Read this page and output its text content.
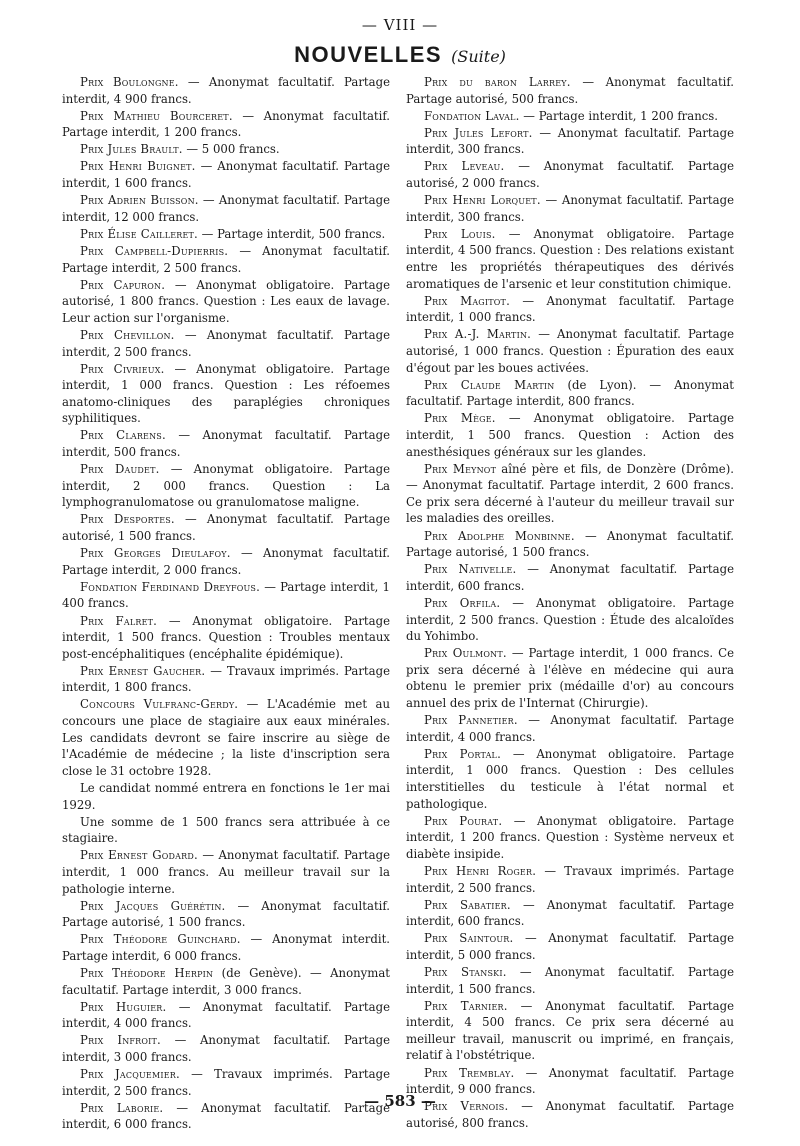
— VIII —
NOUVELLES (Suite)

Prix Boulongne. — Anonymat facultatif. Partage interdit, 4 900 francs.

Prix Mathieu Bourceret. — Anonymat facultatif. Partage interdit, 1 200 francs.

Prix Jules Brault. — 5 000 francs.

Prix Henri Buignet. — Anonymat facultatif. Partage interdit, 1 600 francs.

Prix Adrien Buisson. — Anonymat facultatif. Partage interdit, 12 000 francs.

Prix Élise Cailleret. — Partage interdit, 500 francs.

Prix Campbell-Dupierris. — Anonymat facultatif. Partage interdit, 2 500 francs.

Prix Capuron. — Anonymat obligatoire. Partage autorisé, 1 800 francs. Question : Les eaux de lavage. Leur action sur l'organisme.

Prix Chevillon. — Anonymat facultatif. Partage interdit, 2 500 francs.

Prix Civrieux. — Anonymat obligatoire. Partage interdit, 1 000 francs. Question : Les réfoemes anatomo-cliniques des paraplégies chroniques syphilitiques.

Prix Clarens. — Anonymat facultatif. Partage interdit, 500 francs.

Prix Daudet. — Anonymat obligatoire. Partage interdit, 2 000 francs. Question : La lymphogranulomatose ou granulomatose maligne.

Prix Desportes. — Anonymat facultatif. Partage autorisé, 1 500 francs.

Prix Georges Dieulafoy. — Anonymat facultatif. Partage interdit, 2 000 francs.

Fondation Ferdinand Dreyfous. — Partage interdit, 1 400 francs.

Prix Falret. — Anonymat obligatoire. Partage interdit, 1 500 francs. Question : Troubles mentaux post-encéphalitiques (encéphalite épidémique).

Prix Ernest Gaucher. — Travaux imprimés. Partage interdit, 1 800 francs.

Concours Vulfranc-Gerdy. — L'Académie met au concours une place de stagiaire aux eaux minérales. Les candidats devront se faire inscrire au siège de l'Académie de médecine ; la liste d'inscription sera close le 31 octobre 1928.

Le candidat nommé entrera en fonctions le 1er mai 1929.

Une somme de 1 500 francs sera attribuée à ce stagiaire.

Prix Ernest Godard. — Anonymat facultatif. Partage interdit, 1 000 francs. Au meilleur travail sur la pathologie interne.

Prix Jacques Guérétin. — Anonymat facultatif. Partage autorisé, 1 500 francs.

Prix Théodore Guinchard. — Anonymat interdit. Partage interdit, 6 000 francs.

Prix Théodore Herpin (de Genève). — Anonymat facultatif. Partage interdit, 3 000 francs.

Prix Huguier. — Anonymat facultatif. Partage interdit, 4 000 francs.

Prix Infroit. — Anonymat facultatif. Partage interdit, 3 000 francs.

Prix Jacquemier. — Travaux imprimés. Partage interdit, 2 500 francs.

Prix Laborie. — Anonymat facultatif. Partage interdit, 6 000 francs.

Prix du baron Larrey. — Anonymat facultatif. Partage autorisé, 500 francs.

Fondation Laval. — Partage interdit, 1 200 francs.

Prix Jules Lefort. — Anonymat facultatif. Partage interdit, 300 francs.

Prix Leveau. — Anonymat facultatif. Partage autorisé, 2 000 francs.

Prix Henri Lorquet. — Anonymat facultatif. Partage interdit, 300 francs.

Prix Louis. — Anonymat obligatoire. Partage interdit, 4 500 francs. Question : Des relations existant entre les propriétés thérapeutiques des dérivés aromatiques de l'arsenic et leur constitution chimique.

Prix Magitot. — Anonymat facultatif. Partage interdit, 1 000 francs.

Prix A.-J. Martin. — Anonymat facultatif. Partage autorisé, 1 000 francs. Question : Épuration des eaux d'égout par les boues activées.

Prix Claude Martin (de Lyon). — Anonymat facultatif. Partage interdit, 800 francs.

Prix Mège. — Anonymat obligatoire. Partage interdit, 1 500 francs. Question : Action des anesthésiques généraux sur les glandes.

Prix Meynot aîné père et fils, de Donzère (Drôme). — Anonymat facultatif. Partage interdit, 2 600 francs. Ce prix sera décerné à l'auteur du meilleur travail sur les maladies des oreilles.

Prix Adolphe Monbinne. — Anonymat facultatif. Partage autorisé, 1 500 francs.

Prix Nativelle. — Anonymat facultatif. Partage interdit, 600 francs.

Prix Orfila. — Anonymat obligatoire. Partage interdit, 2 500 francs. Question : Étude des alcaloïdes du Yohimbo.

Prix Oulmont. — Partage interdit, 1 000 francs. Ce prix sera décerné à l'élève en médecine qui aura obtenu le premier prix (médaille d'or) au concours annuel des prix de l'Internat (Chirurgie).

Prix Pannetier. — Anonymat facultatif. Partage interdit, 4 000 francs.

Prix Portal. — Anonymat obligatoire. Partage interdit, 1 000 francs. Question : Des cellules interstitielles du testicule à l'état normal et pathologique.

Prix Pourat. — Anonymat obligatoire. Partage interdit, 1 200 francs. Question : Système nerveux et diabète insipide.

Prix Henri Roger. — Travaux imprimés. Partage interdit, 2 500 francs.

Prix Sabatier. — Anonymat facultatif. Partage interdit, 600 francs.

Prix Saintour. — Anonymat facultatif. Partage interdit, 5 000 francs.

Prix Stanski. — Anonymat facultatif. Partage interdit, 1 500 francs.

Prix Tarnier. — Anonymat facultatif. Partage interdit, 4 500 francs. Ce prix sera décerné au meilleur travail, manuscrit ou imprimé, en français, relatif à l'obstétrique.

Prix Tremblay. — Anonymat facultatif. Partage interdit, 9 000 francs.

Prix Vernois. — Anonymat facultatif. Partage autorisé, 800 francs.

— 583 —
